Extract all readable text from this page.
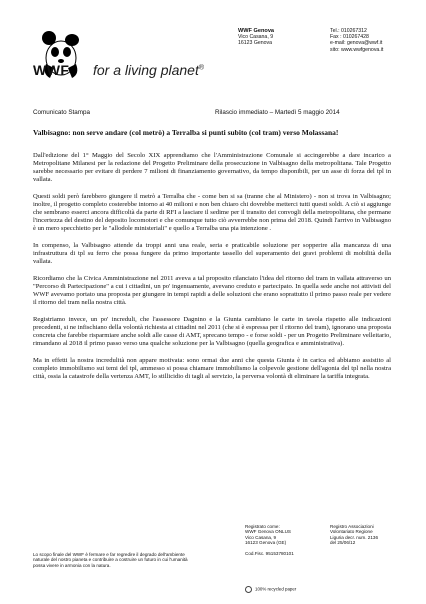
WWF for a living planet®
WWF Genova
Vico Casana, 9
16123 Genova
Tel.: 010267312
Fax : 010267428
e-mail: genova@wwf.it
sito: www.wwfgenova.it
Comunicato Stampa	Rilascio immediato – Martedì 5 maggio 2014
Valbisagno: non serve andare (col metrò) a Terralba si punti subito (col tram) verso Molassana!

Dall'edizione del 1° Maggio del Secolo XIX apprendiamo che l'Amministrazione Comunale si accingerebbe a dare incarico a Metropolitane Milanesi per la redazione del Progetto Preliminare della prosecuzione in Valbisagno della metropolitana. Tale Progetto sarebbe necessario per evitare di perdere 7 milioni di finanziamento governativo, da tempo disponibili, per un asse di forza del tpl in vallata.

Questi soldi però farebbero giungere il metrò a Terralba che - come ben si sa (tranne che al Ministero) - non si trova in Valbisagno; inoltre, il progetto completo costerebbe intorno ai 40 milioni e non ben chiaro chi dovrebbe metterci tutti questi soldi. A ciò si aggiunge che sembrano esserci ancora difficoltà da parte di RFI a lasciare il sedime per il transito dei convogli della metropolitana, che permane l'incertezza del destino del deposito locomotori e che comunque tutto ciò avverrebbe non prima del 2018. Quindi l'arrivo in Valbisagno è un mero specchietto per le "allodole ministeriali" e quello a Terralba una pia intenzione .

In compenso, la Valbisagno attende da troppi anni una reale, seria e praticabile soluzione per sopperire alla mancanza di una infrastruttura di tpl su ferro che possa fungere da primo importante tassello del superamento dei gravi problemi di mobilità della vallata.

Ricordiamo che la Civica Amministrazione nel 2011 aveva a tal proposito rilanciato l'idea del ritorno del tram in vallata attraverso un "Percorso di Partecipazione" a cui i cittadini, un po' ingenuamente, avevano creduto e partecipato. In quella sede anche noi attivisti del WWF avevamo portato una proposta per giungere in tempi rapidi a delle soluzioni che erano soprattutto il primo passo reale per vedere il ritorno del tram nella nostra città.

Registriamo invece, un po' increduli, che l'assessore Dagnino e la Giunta cambiano le carte in tavola rispetto alle indicazioni precedenti, si ne infischiano della volontà richiesta ai cittadini nel 2011 (che si è espressa per il ritorno del tram), ignorano una proposta concreta che farebbe risparmiare anche soldi alle casse di AMT, sprecano tempo - e forse soldi - per un Progetto Preliminare velleitario, rimandano al 2018 il primo passo verso una qualche soluzione per la Valbisagno (quella geografica e amministrativa).

Ma in effetti la nostra incredulità non appare motivata: sono ormai due anni che questa Giunta è in carica ed abbiamo assistito al completo immobilismo sui temi del tpl, ammesso si possa chiamare immobilismo la colpevole gestione dell'agonia del tpl nella nostra città, ossia la catastrofe della vertenza AMT, lo stillicidio di tagli al servizio, la perversa volontà di eliminare la tariffa integrata.

Lo scopo finale del WWF è fermare e far regredire il degrado dell'ambiente naturale del nostro pianeta e contribuire a costruire un futuro in cui l'umanità possa vivere in armonia con la natura.
Registrato come:
WWF Genova ONLUS
Vico Casana, 9
16123 Genova (GE)
Cod.Fisc. 95153780101
Registro Associazioni
Volontariato Regione
Liguria decr. num. 2136
del 25/06/12
100% recycled paper
